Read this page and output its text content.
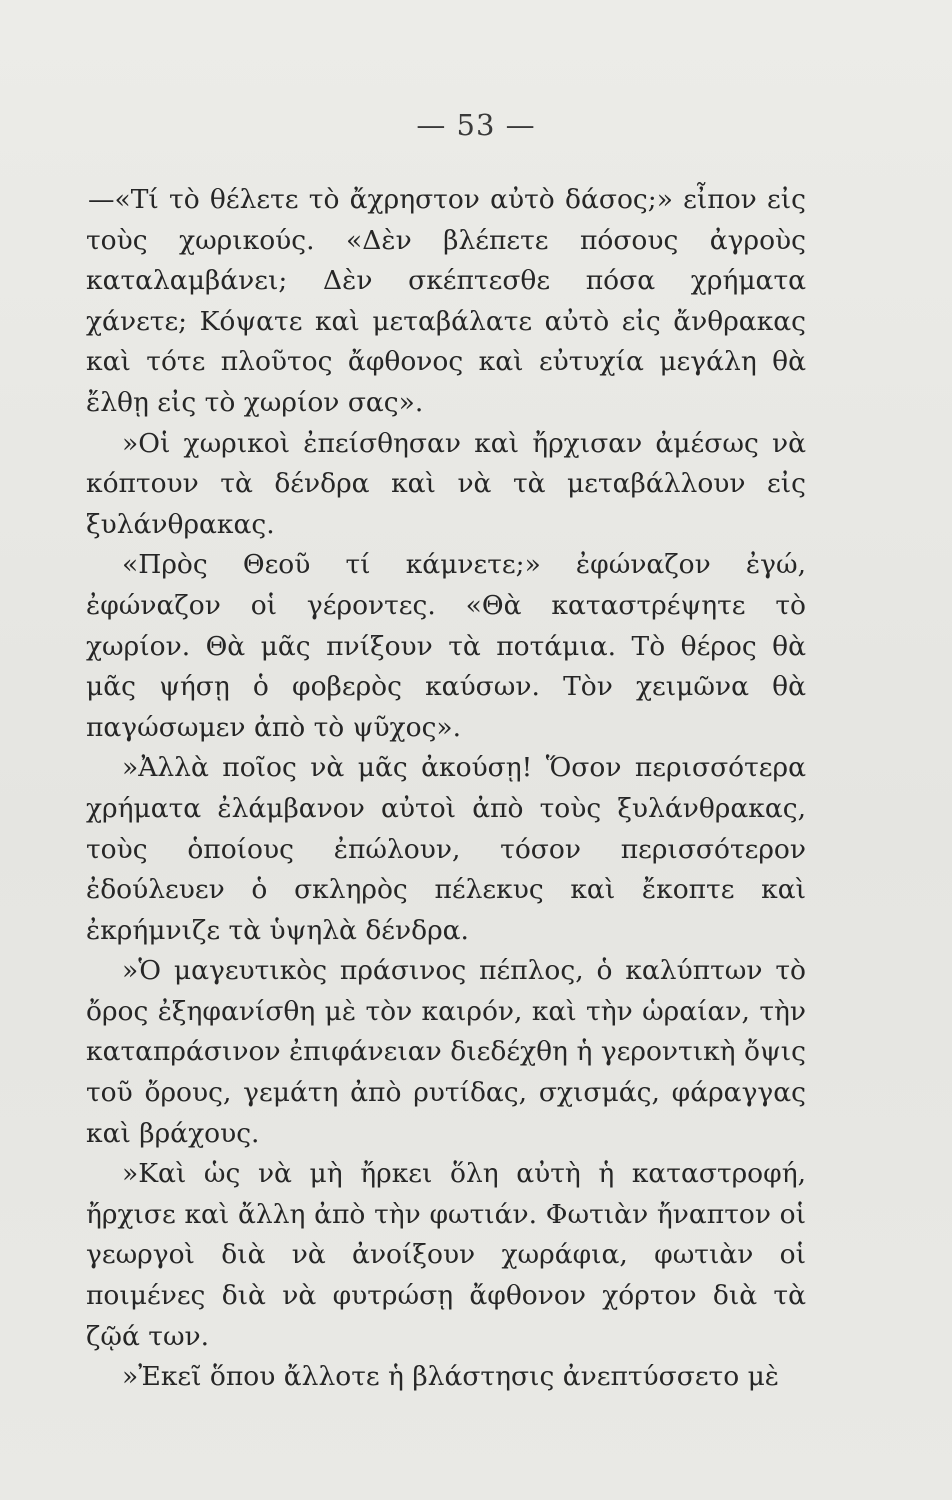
— 53 —

—«Τί τὸ θέλετε τὸ ἄχρηστον αὐτὸ δάσος;» εἶπον εἰς τοὺς χωρικούς. «Δὲν βλέπετε πόσους ἀγροὺς καταλαμβάνει; Δὲν σκέπτεσθε πόσα χρήματα χάνετε; Κόψατε καὶ μεταβάλατε αὐτὸ εἰς ἄνθρακας καὶ τότε πλοῦτος ἄφθονος καὶ εὐτυχία μεγάλη θὰ ἔλθῃ εἰς τὸ χωρίον σας».

»Οἱ χωρικοὶ ἐπείσθησαν καὶ ἤρχισαν ἀμέσως νὰ κόπτουν τὰ δένδρα καὶ νὰ τὰ μεταβάλλουν εἰς ξυλάνθρακας.

«Πρὸς Θεοῦ τί κάμνετε;» ἐφώναζον ἐγώ, ἐφώναζον οἱ γέροντες. «Θὰ καταστρέψητε τὸ χωρίον. Θὰ μᾶς πνίξουν τὰ ποτάμια. Τὸ θέρος θὰ μᾶς ψήσῃ ὁ φοβερὸς καύσων. Τὸν χειμῶνα θὰ παγώσωμεν ἀπὸ τὸ ψῦχος».

»Ἀλλὰ ποῖος νὰ μᾶς ἀκούσῃ! Ὅσον περισσότερα χρήματα ἐλάμβανον αὐτοὶ ἀπὸ τοὺς ξυλάνθρακας, τοὺς ὁποίους ἐπώλουν, τόσον περισσότερον ἐδούλευεν ὁ σκληρὸς πέλεκυς καὶ ἔκοπτε καὶ ἐκρήμνιζε τὰ ὑψηλὰ δένδρα.

»Ὁ μαγευτικὸς πράσινος πέπλος, ὁ καλύπτων τὸ ὄρος ἐξηφανίσθη μὲ τὸν καιρόν, καὶ τὴν ὡραίαν, τὴν καταπράσινον ἐπιφάνειαν διεδέχθη ἡ γεροντικὴ ὄψις τοῦ ὄρους, γεμάτη ἀπὸ ρυτίδας, σχισμάς, φάραγγας καὶ βράχους.

»Καὶ ὡς νὰ μὴ ἤρκει ὅλη αὐτὴ ἡ καταστροφή, ἤρχισε καὶ ἄλλη ἀπὸ τὴν φωτιάν. Φωτιὰν ἤναπτον οἱ γεωργοὶ διὰ νὰ ἀνοίξουν χωράφια, φωτιὰν οἱ ποιμένες διὰ νὰ φυτρώσῃ ἄφθονον χόρτον διὰ τὰ ζῷά των.

»Ἐκεῖ ὅπου ἄλλοτε ἡ βλάστησις ἀνεπτύσσετο μὲ
